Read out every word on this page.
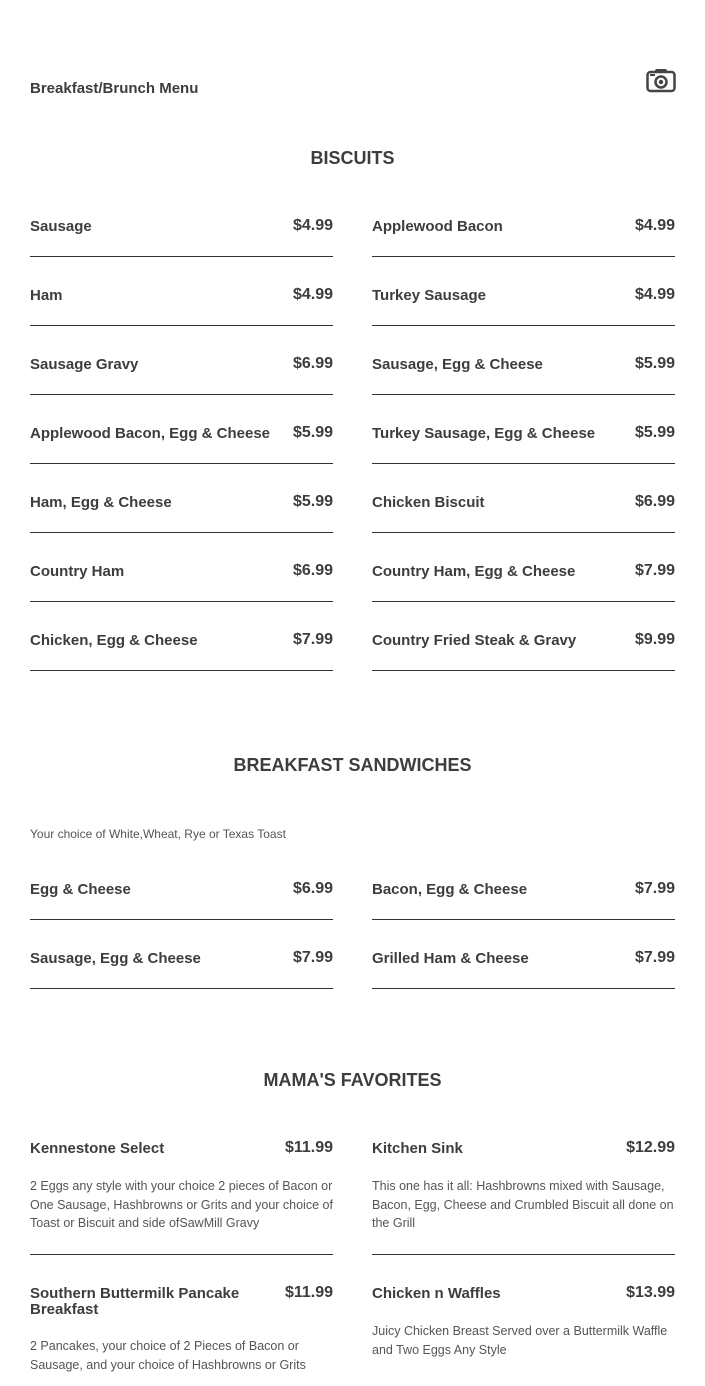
Breakfast/Brunch Menu
BISCUITS
Sausage	$4.99	Applewood Bacon	$4.99
Ham	$4.99	Turkey Sausage	$4.99
Sausage Gravy	$6.99	Sausage, Egg & Cheese	$5.99
Applewood Bacon, Egg & Cheese $5.99	Turkey Sausage, Egg & Cheese $5.99
Ham, Egg & Cheese	$5.99	Chicken Biscuit	$6.99
Country Ham	$6.99	Country Ham, Egg & Cheese	$7.99
Chicken, Egg & Cheese	$7.99	Country Fried Steak & Gravy	$9.99
BREAKFAST SANDWICHES
Your choice of White,Wheat, Rye or Texas Toast
Egg & Cheese	$6.99	Bacon, Egg & Cheese	$7.99
Sausage, Egg & Cheese	$7.99	Grilled Ham & Cheese	$7.99
MAMA'S FAVORITES
Kennestone Select	$11.99
2 Eggs any style with your choice 2 pieces of Bacon or One Sausage, Hashbrowns or Grits and your choice of Toast or Biscuit and side ofSawMill Gravy
Kitchen Sink	$12.99
This one has it all: Hashbrowns mixed with Sausage, Bacon, Egg, Cheese and Crumbled Biscuit all done on the Grill
Southern Buttermilk Pancake Breakfast
$11.99
2 Pancakes, your choice of 2 Pieces of Bacon or Sausage, and your choice of Hashbrowns or Grits
Chicken n Waffles	$13.99
Juicy Chicken Breast Served over a Buttermilk Waffle and Two Eggs Any Style
